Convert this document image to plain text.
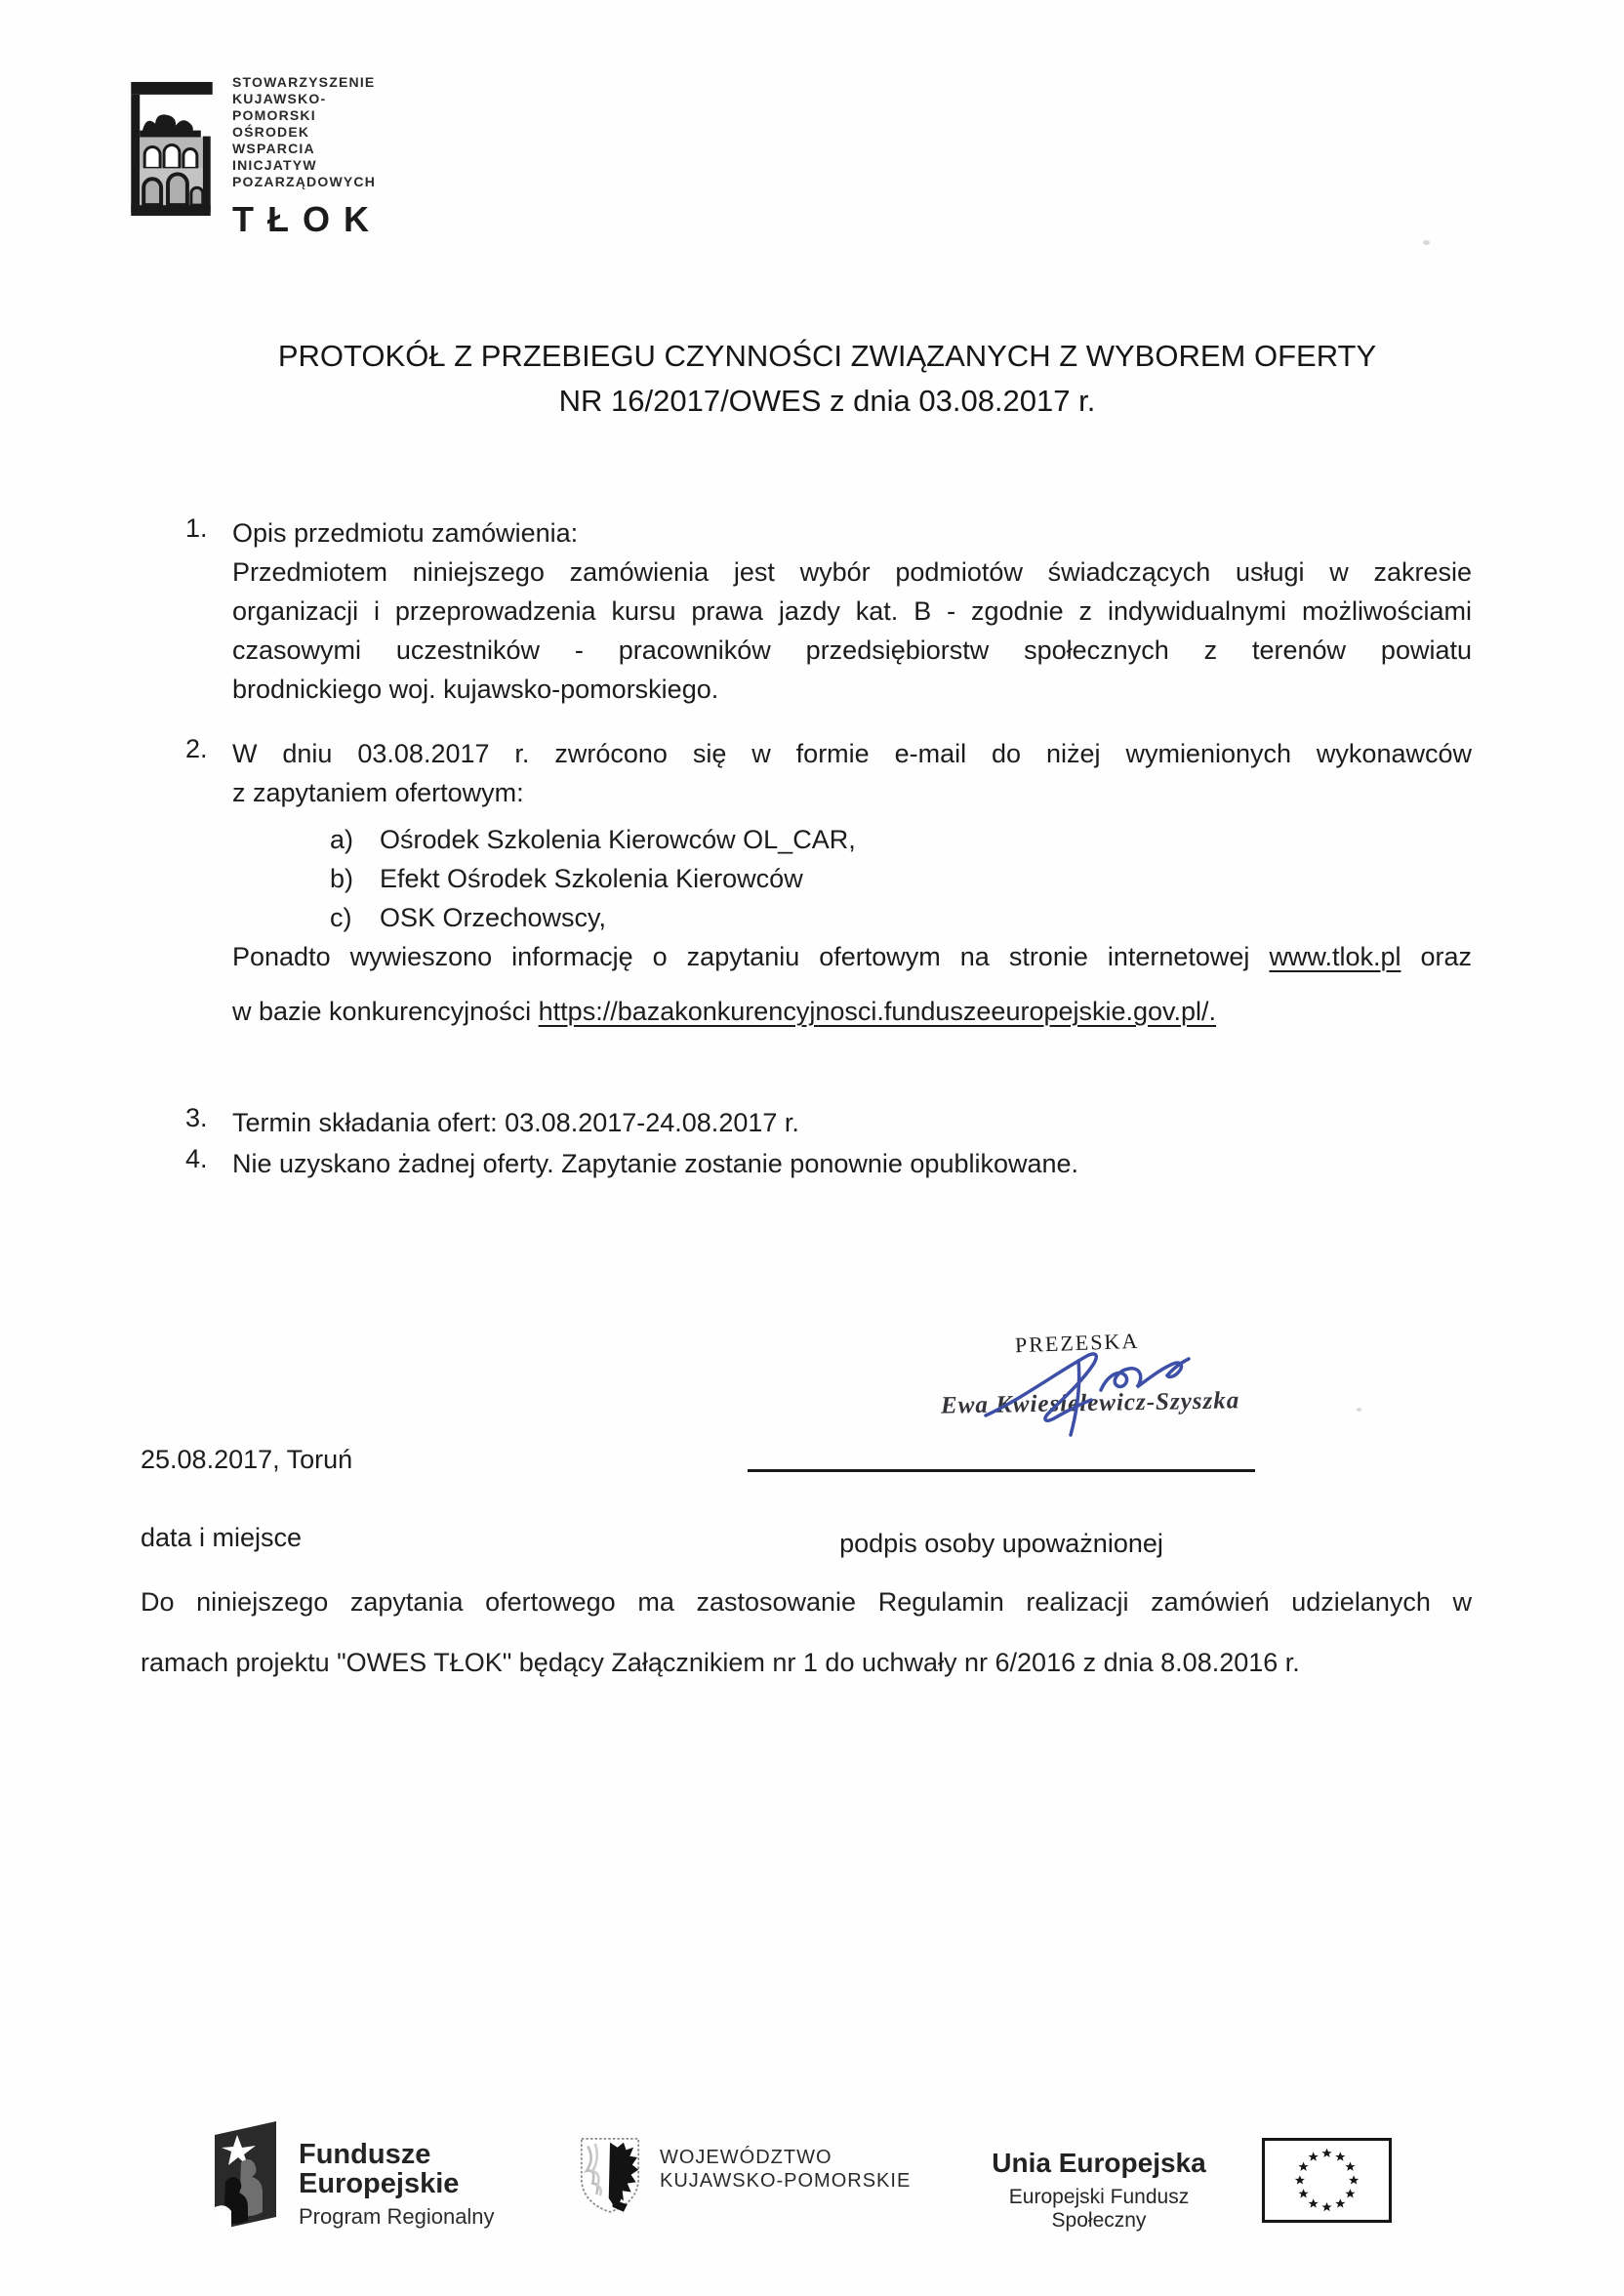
STOWARZYSZENIE
KUJAWSKO-
POMORSKI
OŚRODEK
WSPARCIA
INICJATYW
POZARZĄDOWYCH
TŁOK
PROTOKÓŁ Z PRZEBIEGU CZYNNOŚCI ZWIĄZANYCH Z WYBOREM OFERTY
NR 16/2017/OWES z dnia 03.08.2017 r.
1. Opis przedmiotu zamówienia:
Przedmiotem niniejszego zamówienia jest wybór podmiotów świadczących usługi w zakresie
organizacji i przeprowadzenia kursu prawa jazdy kat. B - zgodnie z indywidualnymi możliwościami
czasowymi uczestników - pracowników przedsiębiorstw społecznych z terenów powiatu
brodnickiego woj. kujawsko-pomorskiego.
2. W dniu 03.08.2017 r. zwrócono się w formie e-mail do niżej wymienionych wykonawców
z zapytaniem ofertowym:
a) Ośrodek Szkolenia Kierowców OL_CAR,
b) Efekt Ośrodek Szkolenia Kierowców
c) OSK Orzechowscy,
Ponadto wywieszono informację o zapytaniu ofertowym na stronie internetowej www.tlok.pl oraz
w bazie konkurencyjności https://bazakonkurencyjnosci.funduszeeuropejskie.gov.pl/.
3. Termin składania ofert: 03.08.2017-24.08.2017 r.
4. Nie uzyskano żadnej oferty. Zapytanie zostanie ponownie opublikowane.
PREZESKA
Ewa Kwiesielewicz-Szyszka
podpis osoby upoważnionej
25.08.2017, Toruń
data i miejsce
Do niniejszego zapytania ofertowego ma zastosowanie Regulamin realizacji zamówień udzielanych w
ramach projektu "OWES TŁOK" będący Załącznikiem nr 1 do uchwały nr 6/2016 z dnia 8.08.2016 r.
Fundusze
Europejskie
Program Regionalny
WOJEWÓDZTWO
KUJAWSKO-POMORSKIE
Unia Europejska
Europejski Fundusz Społeczny
